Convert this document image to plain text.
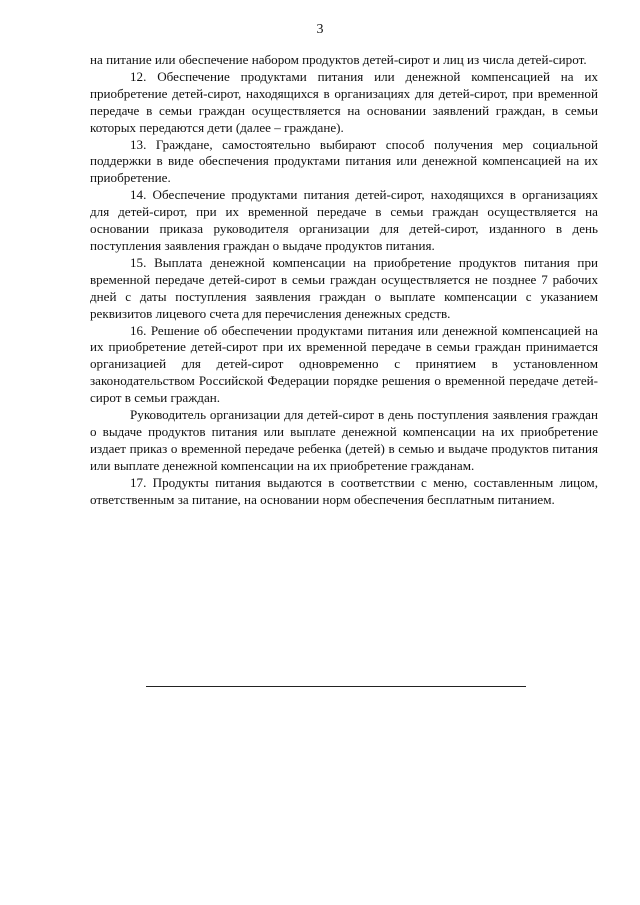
3

на питание или обеспечение набором продуктов детей-сирот и лиц из числа детей-сирот.

12. Обеспечение продуктами питания или денежной компенсацией на их приобретение детей-сирот, находящихся в организациях для детей-сирот, при временной передаче в семьи граждан осуществляется на основании заявлений граждан, в семьи которых передаются дети (далее – граждане).

13. Граждане, самостоятельно выбирают способ получения мер социальной поддержки в виде обеспечения продуктами питания или денежной компенсацией на их приобретение.

14. Обеспечение продуктами питания детей-сирот, находящихся в организациях для детей-сирот, при их временной передаче в семьи граждан осуществляется на основании приказа руководителя организации для детей-сирот, изданного в день поступления заявления граждан о выдаче продуктов питания.

15. Выплата денежной компенсации на приобретение продуктов питания при временной передаче детей-сирот в семьи граждан осуществляется не позднее 7 рабочих дней с даты поступления заявления граждан о выплате компенсации с указанием реквизитов лицевого счета для перечисления денежных средств.

16. Решение об обеспечении продуктами питания или денежной компенсацией на их приобретение детей-сирот при их временной передаче в семьи граждан принимается организацией для детей-сирот одновременно с принятием в установленном законодательством Российской Федерации порядке решения о временной передаче детей-сирот в семьи граждан.

Руководитель организации для детей-сирот в день поступления заявления граждан о выдаче продуктов питания или выплате денежной компенсации на их приобретение издает приказ о временной передаче ребенка (детей) в семью и выдаче продуктов питания или выплате денежной компенсации на их приобретение гражданам.

17. Продукты питания выдаются в соответствии с меню, составленным лицом, ответственным за питание, на основании норм обеспечения бесплатным питанием.
